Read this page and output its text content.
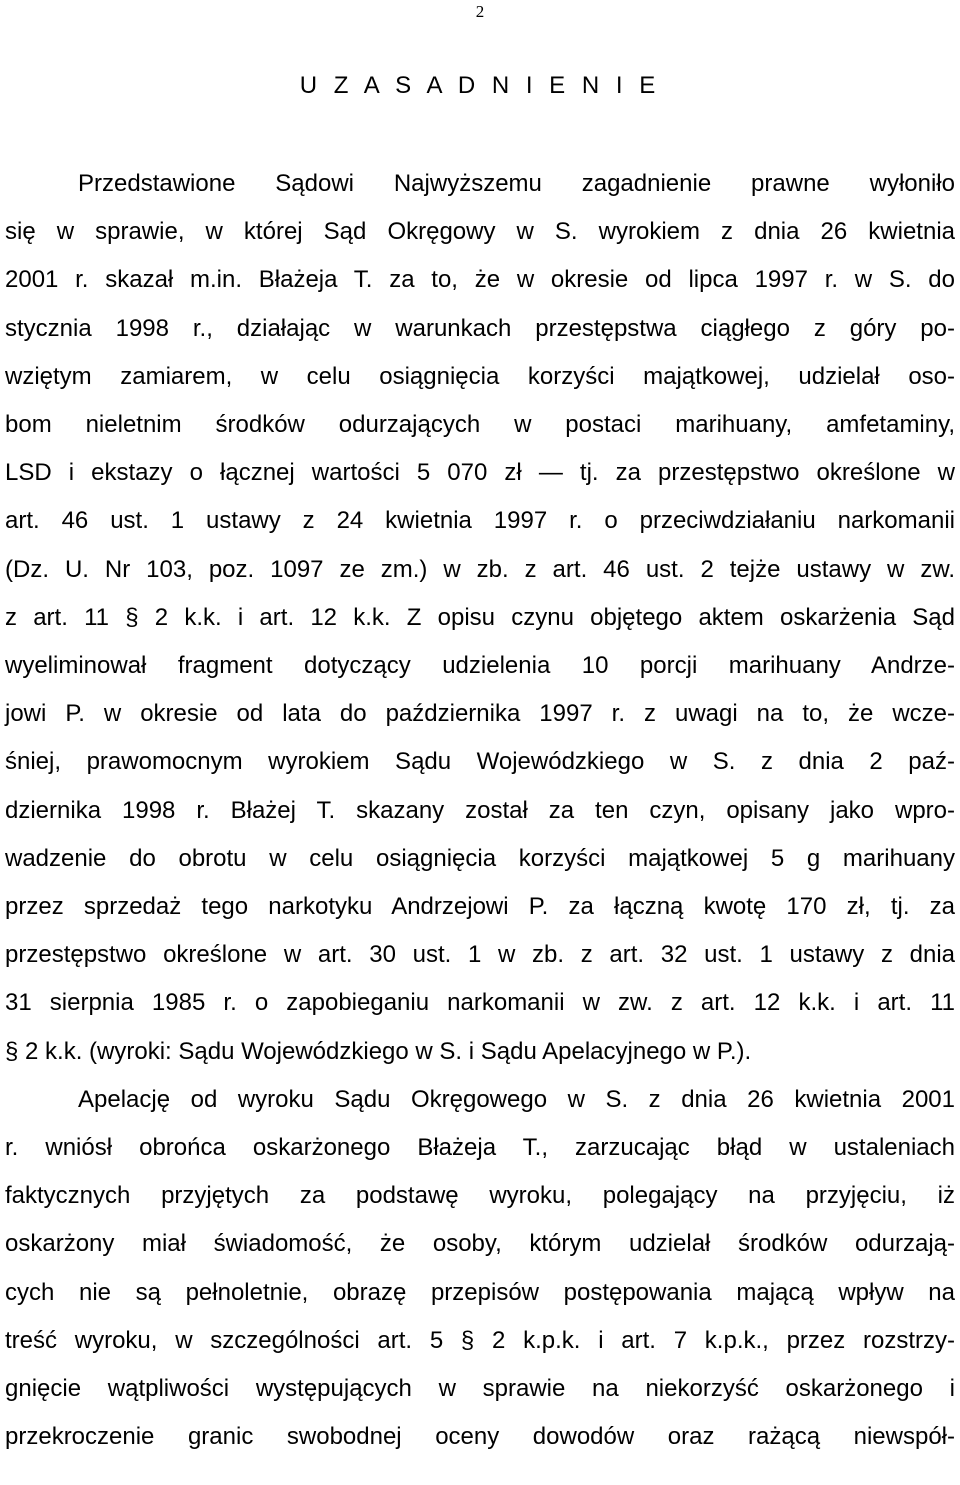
2
U Z A S A D N I E N I E
Przedstawione Sądowi Najwyższemu zagadnienie prawne wyłoniło
się w sprawie, w której Sąd Okręgowy w S. wyrokiem z dnia 26 kwietnia
2001 r. skazał m.in. Błażeja T. za to, że w okresie od lipca 1997 r. w S. do
stycznia 1998 r., działając w warunkach przestępstwa ciągłego z góry po-
wziętym zamiarem, w celu osiągnięcia korzyści majątkowej, udzielał oso-
bom nieletnim środków odurzających w postaci marihuany, amfetaminy,
LSD i ekstazy o łącznej wartości 5 070 zł — tj. za przestępstwo określone w
art. 46 ust. 1 ustawy z 24 kwietnia 1997 r. o przeciwdziałaniu narkomanii
(Dz. U. Nr 103, poz. 1097 ze zm.) w zb. z art. 46 ust. 2 tejże ustawy w zw.
z art. 11 § 2 k.k. i art. 12 k.k. Z opisu czynu objętego aktem oskarżenia Sąd
wyeliminował fragment dotyczący udzielenia 10 porcji marihuany Andrze-
jowi P. w okresie od lata do października 1997 r. z uwagi na to, że wcze-
śniej, prawomocnym wyrokiem Sądu Wojewódzkiego w S. z dnia 2 paź-
dziernika 1998 r. Błażej T. skazany został za ten czyn, opisany jako wpro-
wadzenie do obrotu w celu osiągnięcia korzyści majątkowej 5 g marihuany
przez sprzedaż tego narkotyku Andrzejowi P. za łączną kwotę 170 zł, tj. za
przestępstwo określone w art. 30 ust. 1 w zb. z art. 32 ust. 1 ustawy z dnia
31 sierpnia 1985 r. o zapobieganiu narkomanii w zw. z art. 12 k.k. i art. 11
§ 2 k.k. (wyroki: Sądu Wojewódzkiego w S. i Sądu Apelacyjnego w P.).
Apelację od wyroku Sądu Okręgowego w S. z dnia 26 kwietnia 2001
r. wniósł obrońca oskarżonego Błażeja T., zarzucając błąd w ustaleniach
faktycznych przyjętych za podstawę wyroku, polegający na przyjęciu, iż
oskarżony miał świadomość, że osoby, którym udzielał środków odurzają-
cych nie są pełnoletnie, obrazę przepisów postępowania mającą wpływ na
treść wyroku, w szczególności art. 5 § 2 k.p.k. i art. 7 k.p.k., przez rozstrzy-
gnięcie wątpliwości występujących w sprawie na niekorzyść oskarżonego i
przekroczenie granic swobodnej oceny dowodów oraz rażącą niewspół-
